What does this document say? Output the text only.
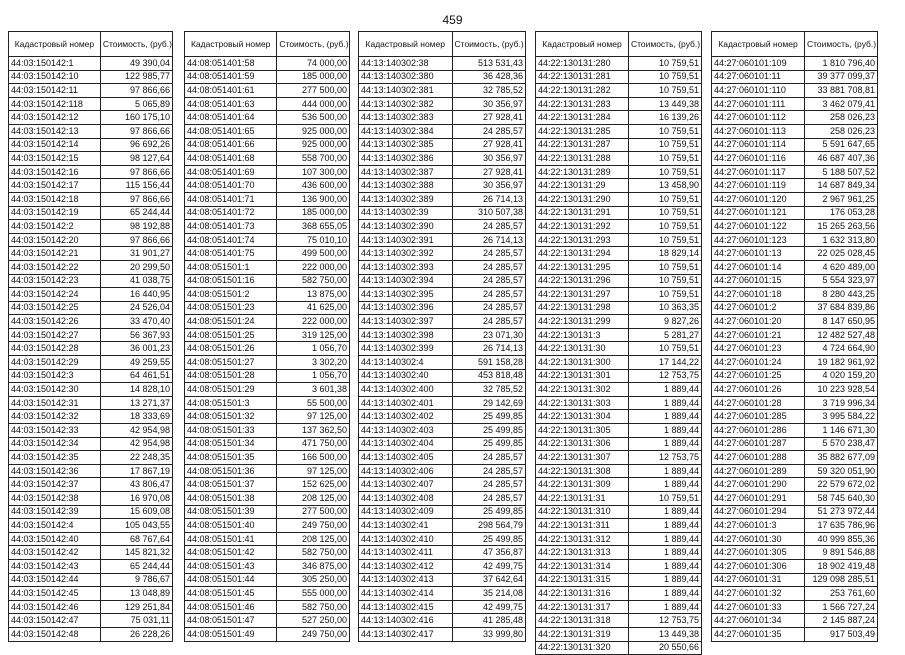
459
Кадастровый номер	Стоимость, (руб.)
44:03:150142:1	49 390,04
44:03:150142:10	122 985,77
44:03:150142:11	97 866,66
44:03:150142:118	5 065,89
44:03:150142:12	160 175,10
44:03:150142:13	97 866,66
44:03:150142:14	96 692,26
44:03:150142:15	98 127,64
44:03:150142:16	97 866,66
44:03:150142:17	115 156,44
44:03:150142:18	97 866,66
44:03:150142:19	65 244,44
44:03:150142:2	98 192,88
44:03:150142:20	97 866,66
44:03:150142:21	31 901,27
44:03:150142:22	20 299,50
44:03:150142:23	41 038,75
44:03:150142:24	16 440,95
44:03:150142:25	24 526,04
44:03:150142:26	33 470,40
44:03:150142:27	56 367,93
44:03:150142:28	36 001,23
44:03:150142:29	49 259,55
44:03:150142:3	64 461,51
44:03:150142:30	14 828,10
44:03:150142:31	13 271,37
44:03:150142:32	18 333,69
44:03:150142:33	42 954,98
44:03:150142:34	42 954,98
44:03:150142:35	22 248,35
44:03:150142:36	17 867,19
44:03:150142:37	43 806,47
44:03:150142:38	16 970,08
44:03:150142:39	15 609,08
44:03:150142:4	105 043,55
44:03:150142:40	68 767,64
44:03:150142:42	145 821,32
44:03:150142:43	65 244,44
44:03:150142:44	9 786,67
44:03:150142:45	13 048,89
44:03:150142:46	129 251,84
44:03:150142:47	75 031,11
44:03:150142:48	26 228,26
Кадастровый номер	Стоимость, (руб.)
44:08:051401:58	74 000,00
44:08:051401:59	185 000,00
44:08:051401:61	277 500,00
44:08:051401:63	444 000,00
44:08:051401:64	536 500,00
44:08:051401:65	925 000,00
44:08:051401:66	925 000,00
44:08:051401:68	558 700,00
44:08:051401:69	107 300,00
44:08:051401:70	436 600,00
44:08:051401:71	136 900,00
44:08:051401:72	185 000,00
44:08:051401:73	368 655,05
44:08:051401:74	75 010,10
44:08:051401:75	499 500,00
44:08:051501:1	222 000,00
44:08:051501:16	582 750,00
44:08:051501:2	13 875,00
44:08:051501:23	41 625,00
44:08:051501:24	222 000,00
44:08:051501:25	319 125,00
44:08:051501:26	1 056,70
44:08:051501:27	3 302,20
44:08:051501:28	1 056,70
44:08:051501:29	3 601,38
44:08:051501:3	55 500,00
44:08:051501:32	97 125,00
44:08:051501:33	137 362,50
44:08:051501:34	471 750,00
44:08:051501:35	166 500,00
44:08:051501:36	97 125,00
44:08:051501:37	152 625,00
44:08:051501:38	208 125,00
44:08:051501:39	277 500,00
44:08:051501:40	249 750,00
44:08:051501:41	208 125,00
44:08:051501:42	582 750,00
44:08:051501:43	346 875,00
44:08:051501:44	305 250,00
44:08:051501:45	555 000,00
44:08:051501:46	582 750,00
44:08:051501:47	527 250,00
44:08:051501:49	249 750,00
Кадастровый номер	Стоимость, (руб.)
44:13:140302:38	513 531,43
44:13:140302:380	36 428,36
44:13:140302:381	32 785,52
44:13:140302:382	30 356,97
44:13:140302:383	27 928,41
44:13:140302:384	24 285,57
44:13:140302:385	27 928,41
44:13:140302:386	30 356,97
44:13:140302:387	27 928,41
44:13:140302:388	30 356,97
44:13:140302:389	26 714,13
44:13:140302:39	310 507,38
44:13:140302:390	24 285,57
44:13:140302:391	26 714,13
44:13:140302:392	24 285,57
44:13:140302:393	24 285,57
44:13:140302:394	24 285,57
44:13:140302:395	24 285,57
44:13:140302:396	24 285,57
44:13:140302:397	24 285,57
44:13:140302:398	23 071,30
44:13:140302:399	26 714,13
44:13:140302:4	591 158,28
44:13:140302:40	453 818,48
44:13:140302:400	32 785,52
44:13:140302:401	29 142,69
44:13:140302:402	25 499,85
44:13:140302:403	25 499,85
44:13:140302:404	25 499,85
44:13:140302:405	24 285,57
44:13:140302:406	24 285,57
44:13:140302:407	24 285,57
44:13:140302:408	24 285,57
44:13:140302:409	25 499,85
44:13:140302:41	298 564,79
44:13:140302:410	25 499,85
44:13:140302:411	47 356,87
44:13:140302:412	42 499,75
44:13:140302:413	37 642,64
44:13:140302:414	35 214,08
44:13:140302:415	42 499,75
44:13:140302:416	41 285,48
44:13:140302:417	33 999,80
Кадастровый номер	Стоимость, (руб.)
44:22:130131:280	10 759,51
44:22:130131:281	10 759,51
44:22:130131:282	10 759,51
44:22:130131:283	13 449,38
44:22:130131:284	16 139,26
44:22:130131:285	10 759,51
44:22:130131:287	10 759,51
44:22:130131:288	10 759,51
44:22:130131:289	10 759,51
44:22:130131:29	13 458,90
44:22:130131:290	10 759,51
44:22:130131:291	10 759,51
44:22:130131:292	10 759,51
44:22:130131:293	10 759,51
44:22:130131:294	18 829,14
44:22:130131:295	10 759,51
44:22:130131:296	10 759,51
44:22:130131:297	10 759,51
44:22:130131:298	10 363,35
44:22:130131:299	9 827,26
44:22:130131:3	5 281,27
44:22:130131:30	10 759,51
44:22:130131:300	17 144,22
44:22:130131:301	12 753,75
44:22:130131:302	1 889,44
44:22:130131:303	1 889,44
44:22:130131:304	1 889,44
44:22:130131:305	1 889,44
44:22:130131:306	1 889,44
44:22:130131:307	12 753,75
44:22:130131:308	1 889,44
44:22:130131:309	1 889,44
44:22:130131:31	10 759,51
44:22:130131:310	1 889,44
44:22:130131:311	1 889,44
44:22:130131:312	1 889,44
44:22:130131:313	1 889,44
44:22:130131:314	1 889,44
44:22:130131:315	1 889,44
44:22:130131:316	1 889,44
44:22:130131:317	1 889,44
44:22:130131:318	12 753,75
44:22:130131:319	13 449,38
44:22:130131:320	20 550,66
Кадастровый номер	Стоимость, (руб.)
44:27:060101:109	1 810 796,40
44:27:060101:11	39 377 099,37
44:27:060101:110	33 881 708,81
44:27:060101:111	3 462 079,41
44:27:060101:112	258 026,23
44:27:060101:113	258 026,23
44:27:060101:114	5 591 647,65
44:27:060101:116	46 687 407,36
44:27:060101:117	5 188 507,52
44:27:060101:119	14 687 849,34
44:27:060101:120	2 967 961,25
44:27:060101:121	176 053,28
44:27:060101:122	15 265 263,56
44:27:060101:123	1 632 313,80
44:27:060101:13	22 025 028,45
44:27:060101:14	4 620 489,00
44:27:060101:15	5 554 323,97
44:27:060101:18	8 280 443,25
44:27:060101:2	37 684 839,86
44:27:060101:20	8 147 650,95
44:27:060101:21	12 482 527,48
44:27:060101:23	4 724 664,90
44:27:060101:24	19 182 961,92
44:27:060101:25	4 020 159,20
44:27:060101:26	10 223 928,54
44:27:060101:28	3 719 996,34
44:27:060101:285	3 995 584,22
44:27:060101:286	1 146 671,30
44:27:060101:287	5 570 238,47
44:27:060101:288	35 882 677,09
44:27:060101:289	59 320 051,90
44:27:060101:290	22 579 672,02
44:27:060101:291	58 745 640,30
44:27:060101:294	51 273 972,44
44:27:060101:3	17 635 786,96
44:27:060101:30	40 999 855,36
44:27:060101:305	9 891 546,88
44:27:060101:306	18 902 419,48
44:27:060101:31	129 098 285,51
44:27:060101:32	253 761,60
44:27:060101:33	1 566 727,24
44:27:060101:34	2 145 887,24
44:27:060101:35	917 503,49
